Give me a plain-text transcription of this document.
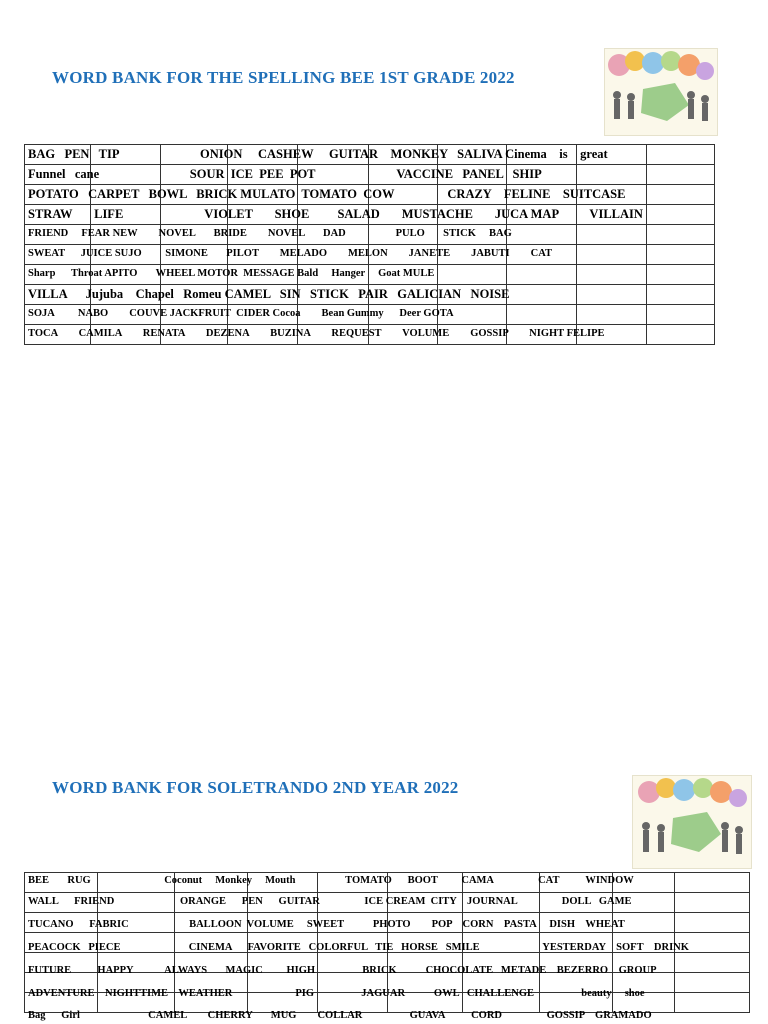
WORD BANK FOR THE SPELLING BEE 1ST GRADE 2022

BAG   PEN   TIP                          ONION     CASHEW     GUITAR    MONKEY   SALIVA Cinema    is    great
Funnel   cane                             SOUR  ICE  PEE  POT                          VACCINE   PANEL   SHIP
POTATO   CARPET   BOWL   BRICK MULATO  TOMATO  COW                 CRAZY    FELINE    SUITCASE
STRAW       LIFE                          VIOLET       SHOE         SALAD       MUSTACHE       JUCA MAP          VILLAIN
FRIEND     FEAR NEW        NOVEL       BRIDE        NOVEL       DAD                   PULO       STICK     BAG
SWEAT      JUICE SUJO         SIMONE       PILOT        MELADO        MELON        JANETE        JABUTI        CAT
Sharp      Throat APITO       WHEEL MOTOR  MESSAGE Bald     Hanger     Goat MULE
VILLA      Jujuba    Chapel   Romeu CAMEL   SIN   STICK   PAIR   GALICIAN   NOISE
SOJA         NABO        COUVE JACKFRUIT  CIDER Cocoa        Bean Gummy      Deer GOTA
TOCA        CAMILA        RENATA        DEZENA        BUZINA        REQUEST        VOLUME        GOSSIP        NIGHT FELIPE
WORD BANK FOR SOLETRANDO 2ND YEAR 2022

BEE       RUG                            Coconut     Monkey     Mouth                   TOMATO      BOOT         CAMA                 CAT          WINDOW
WALL      FRIEND                         ORANGE      PEN      GUITAR                 ICE CREAM  CITY    JOURNAL                 DOLL   GAME
TUCANO      FABRIC                       BALLOON  VOLUME     SWEET           PHOTO        POP    CORN    PASTA     DISH    WHEAT
PEACOCK   PIECE                          CINEMA      FAVORITE   COLORFUL   TIE   HORSE   SMILE                        YESTERDAY    SOFT    DRINK
FUTURE          HAPPY            ALWAYS       MAGIC         HIGH                  BRICK           CHOCOLATE   METADE    BEZERRO    GROUP
ADVENTURE    NIGHTTIME    WEATHER                        PIG                  JAGUAR           OWL   CHALLENGE                  beauty     shoe
Bag      Girl                          CAMEL        CHERRY       MUG        COLLAR                  GUAVA          CORD                 GOSSIP    GRAMADO
